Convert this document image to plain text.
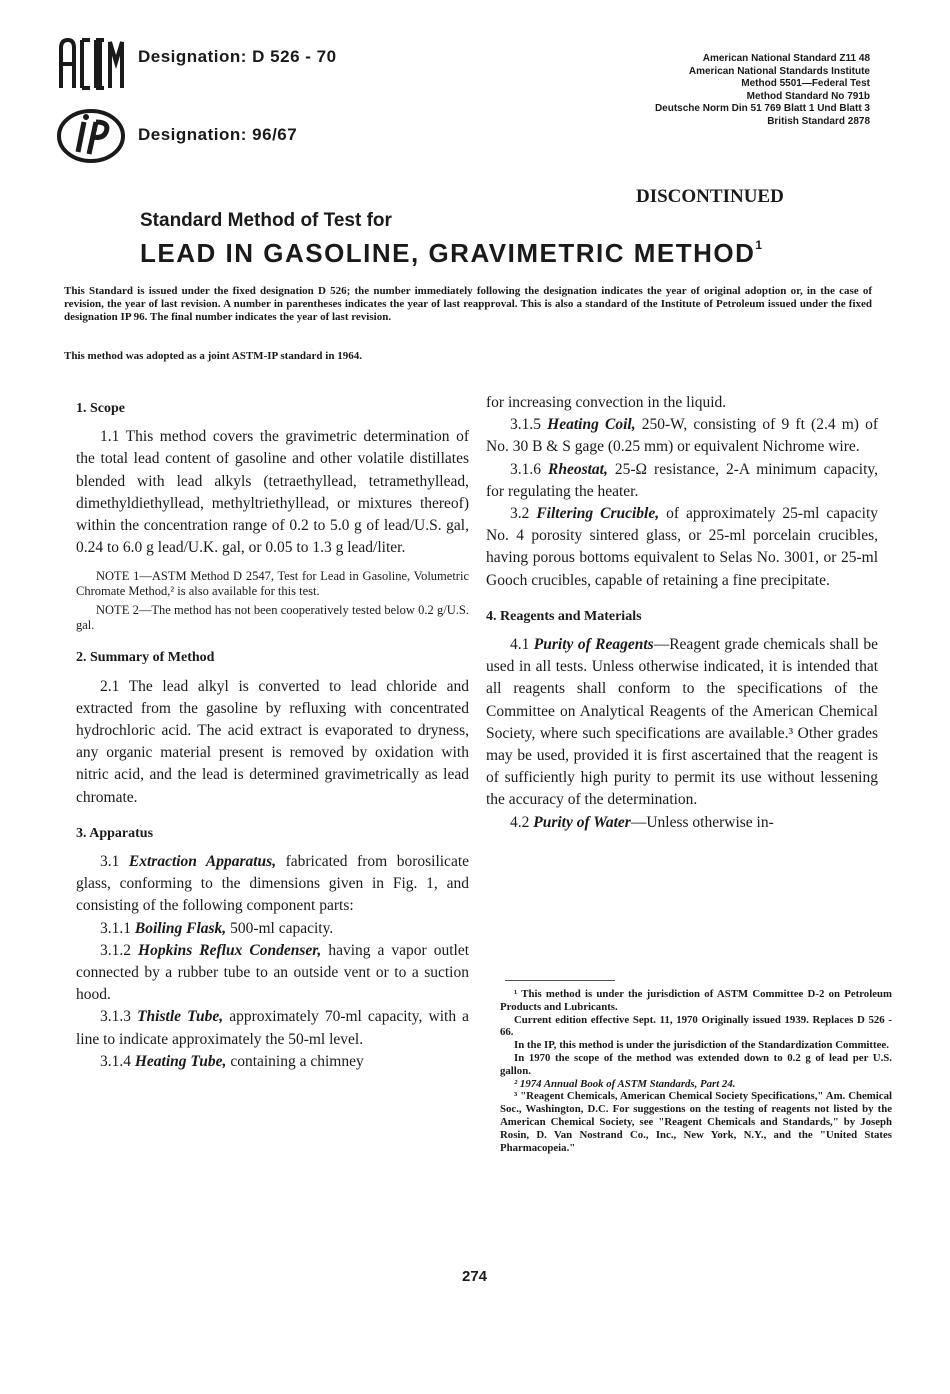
Designation: D 526 - 70
Designation: 96/67
American National Standard Z11 48
American National Standards Institute
Method 5501—Federal Test
Method Standard No 791b
Deutsche Norm Din 51 769 Blatt 1 Und Blatt 3
British Standard 2878
DISCONTINUED
Standard Method of Test for
LEAD IN GASOLINE, GRAVIMETRIC METHOD$^1$
This Standard is issued under the fixed designation D 526; the number immediately following the designation indicates the year of original adoption or, in the case of revision, the year of last revision. A number in parentheses indicates the year of last reapproval. This is also a standard of the Institute of Petroleum issued under the fixed designation IP 96. The final number indicates the year of last revision.
This method was adopted as a joint ASTM-IP standard in 1964.
1. Scope

1.1 This method covers the gravimetric determination of the total lead content of gasoline and other volatile distillates blended with lead alkyls (tetraethyllead, tetramethyllead, dimethyldiethyllead, methyltriethyllead, or mixtures thereof) within the concentration range of 0.2 to 5.0 g of lead/U.S. gal, 0.24 to 6.0 g lead/U.K. gal, or 0.05 to 1.3 g lead/liter.

NOTE 1—ASTM Method D 2547, Test for Lead in Gasoline, Volumetric Chromate Method,² is also available for this test.

NOTE 2—The method has not been cooperatively tested below 0.2 g/U.S. gal.

2. Summary of Method

2.1 The lead alkyl is converted to lead chloride and extracted from the gasoline by refluxing with concentrated hydrochloric acid. The acid extract is evaporated to dryness, any organic material present is removed by oxidation with nitric acid, and the lead is determined gravimetrically as lead chromate.

3. Apparatus

3.1 Extraction Apparatus, fabricated from borosilicate glass, conforming to the dimensions given in Fig. 1, and consisting of the following component parts:

3.1.1 Boiling Flask, 500-ml capacity.

3.1.2 Hopkins Reflux Condenser, having a vapor outlet connected by a rubber tube to an outside vent or to a suction hood.

3.1.3 Thistle Tube, approximately 70-ml capacity, with a line to indicate approximately the 50-ml level.

3.1.4 Heating Tube, containing a chimney

for increasing convection in the liquid.

3.1.5 Heating Coil, 250-W, consisting of 9 ft (2.4 m) of No. 30 B & S gage (0.25 mm) or equivalent Nichrome wire.

3.1.6 Rheostat, 25-Ω resistance, 2-A minimum capacity, for regulating the heater.

3.2 Filtering Crucible, of approximately 25-ml capacity No. 4 porosity sintered glass, or 25-ml porcelain crucibles, having porous bottoms equivalent to Selas No. 3001, or 25-ml Gooch crucibles, capable of retaining a fine precipitate.

4. Reagents and Materials

4.1 Purity of Reagents—Reagent grade chemicals shall be used in all tests. Unless otherwise indicated, it is intended that all reagents shall conform to the specifications of the Committee on Analytical Reagents of the American Chemical Society, where such specifications are available.³ Other grades may be used, provided it is first ascertained that the reagent is of sufficiently high purity to permit its use without lessening the accuracy of the determination.

4.2 Purity of Water—Unless otherwise in-

¹ This method is under the jurisdiction of ASTM Committee D-2 on Petroleum Products and Lubricants.

Current edition effective Sept. 11, 1970 Originally issued 1939. Replaces D 526 - 66.

In the IP, this method is under the jurisdiction of the Standardization Committee.

In 1970 the scope of the method was extended down to 0.2 g of lead per U.S. gallon.

² 1974 Annual Book of ASTM Standards, Part 24.

³ "Reagent Chemicals, American Chemical Society Specifications," Am. Chemical Soc., Washington, D.C. For suggestions on the testing of reagents not listed by the American Chemical Society, see "Reagent Chemicals and Standards," by Joseph Rosin, D. Van Nostrand Co., Inc., New York, N.Y., and the "United States Pharmacopeia."

274
